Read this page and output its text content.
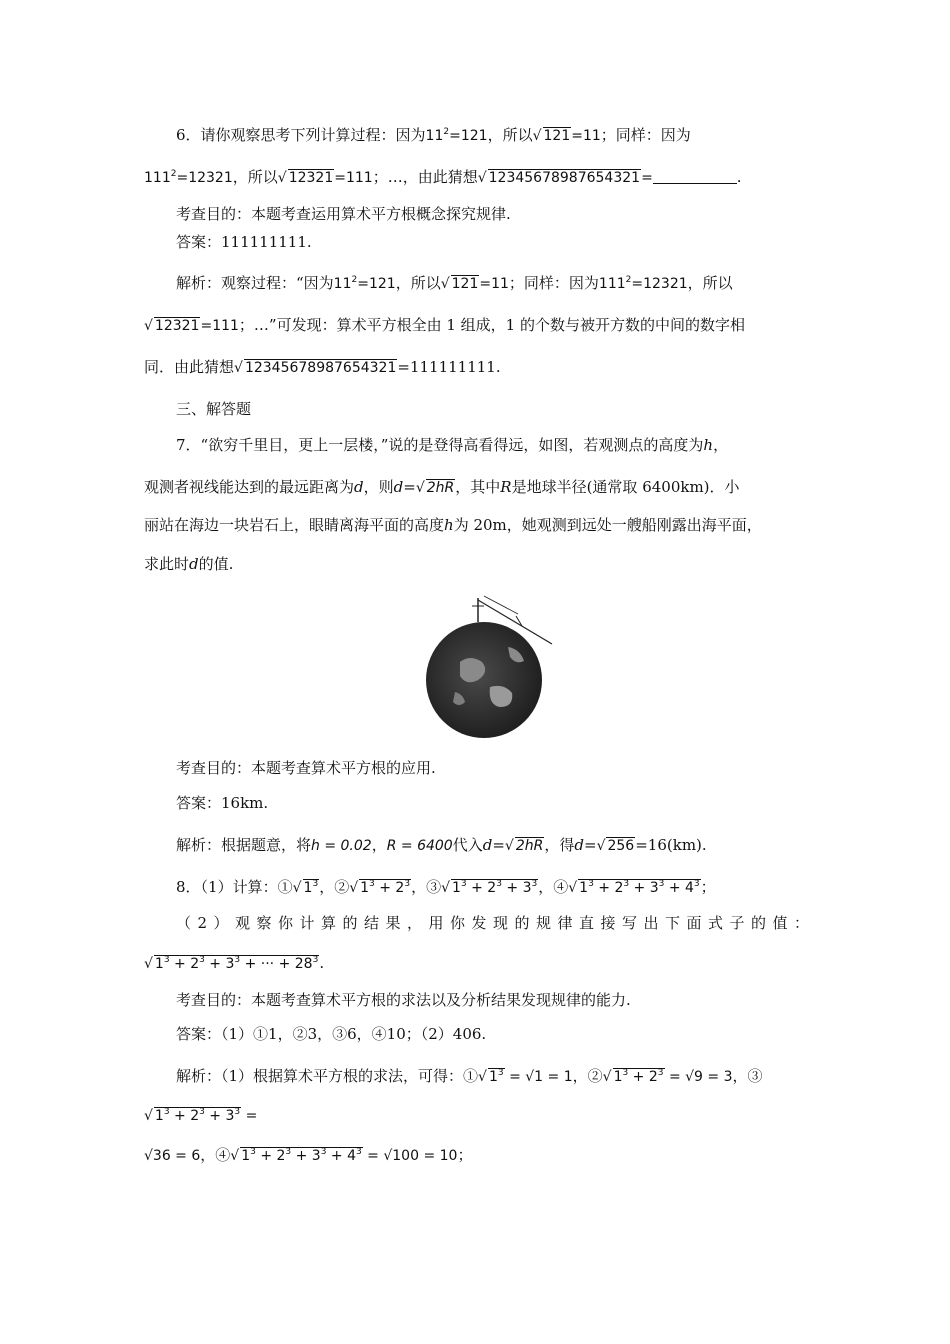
6．请你观察思考下列计算过程：因为$11^2=121$，所以√ 121=11；同样：因为
$111^2=12321$，所以√ 12321=111；…，由此猜想√ 12345678987654321=	.
考查目的：本题考查运用算术平方根概念探究规律.
答案：111111111.
解析：观察过程：“因为$11^2=121$，所以√ 121=11；同样：因为$111^2=12321$，所以
√ 12321=111；…”可发现：算术平方根全由 1 组成，1 的个数与被开方数的中间的数字相
同．由此猜想√ 12345678987654321=111111111.
三、解答题
7．“欲穷千里目，更上一层楼，”说的是登得高看得远，如图，若观测点的高度为h，
观测者视线能达到的最远距离为d，则d=√ 2hR，其中R是地球半径(通常取 6400km)．小
丽站在海边一块岩石上，眼睛离海平面的高度h为 20m，她观测到远处一艘船刚露出海平面，
求此时d的值.
考查目的：本题考查算术平方根的应用.
答案：16km.
解析：根据题意，将h = 0.02，R = 6400代入d=√ 2hR，得d=√ 256=16(km).
8．（1）计算：①√ $1^3$，②√ $1^3 + 2^3$，③√ $1^3 + 2^3 + 3^3$，④√ $1^3 + 2^3 + 3^3 + 4^3$；
（2）观察你计算的结果，用你发现的规律直接写出下面式子的值：
√ $1^3 + 2^3 + 3^3$ + ··· + $28^3$.
考查目的：本题考查算术平方根的求法以及分析结果发现规律的能力.
答案：（1）①1，②3，③6，④10；（2）406.
解析：（1）根据算术平方根的求法，可得：①√ $1^3 = √1 = 1$，②√ $1^3 + 2^3 = √9 = 3$，③
√ $1^3 + 2^3 + 3^3$ =
√36 = 6，④√ $1^3 + 2^3 + 3^3 + 4^3 = √100 = 10$；
